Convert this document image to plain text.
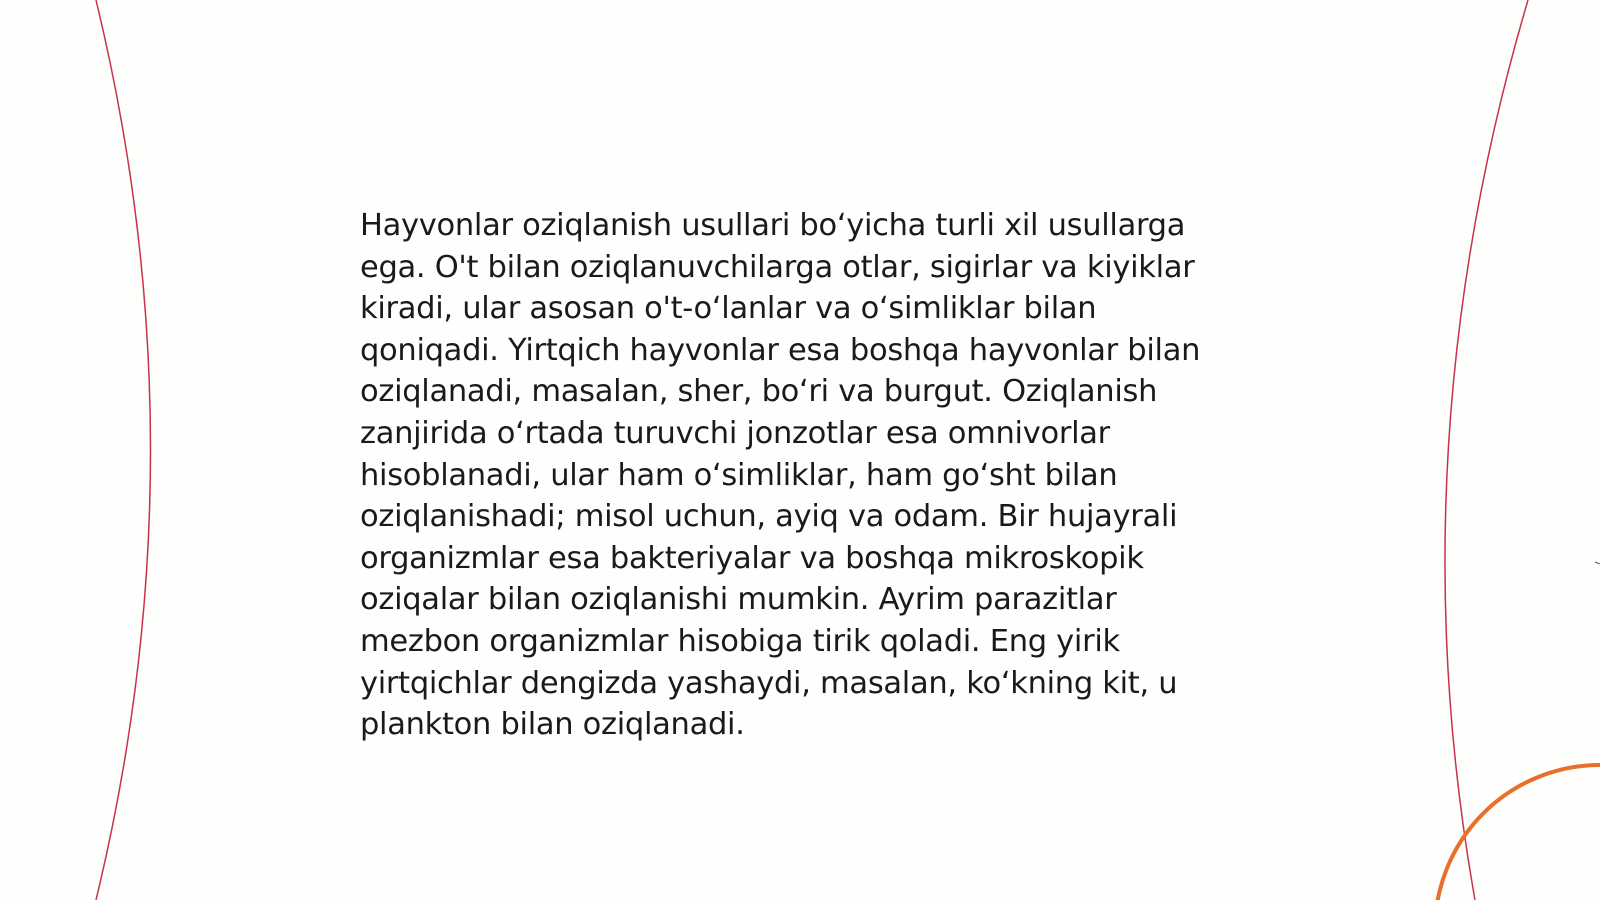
Hayvonlar oziqlanish usullari bo‘yicha turli xil usullarga ega. O't bilan oziqlanuvchilarga otlar, sigirlar va kiyiklar kiradi, ular asosan o't-o‘lanlar va o‘simliklar bilan qoniqadi. Yirtqich hayvonlar esa boshqa hayvonlar bilan oziqlanadi, masalan, sher, bo‘ri va burgut. Oziqlanish zanjirida o‘rtada turuvchi jonzotlar esa omnivorlar hisoblanadi, ular ham o‘simliklar, ham go‘sht bilan oziqlanishadi; misol uchun, ayiq va odam. Bir hujayrali organizmlar esa bakteriyalar va boshqa mikroskopik oziqalar bilan oziqlanishi mumkin. Ayrim parazitlar mezbon organizmlar hisobiga tirik qoladi. Eng yirik yirtqichlar dengizda yashaydi, masalan, ko‘kning kit, u plankton bilan oziqlanadi.
